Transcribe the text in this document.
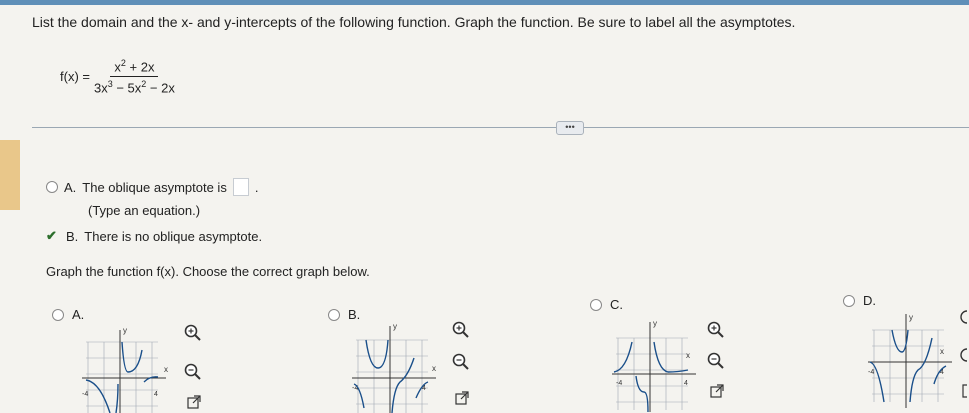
List the domain and the x- and y-intercepts of the following function. Graph the function. Be sure to label all the asymptotes.
$f(x) = \frac{x^2 + 2x}{3x^3 - 5x^2 - 2x}$
•••
A. The oblique asymptote is .
(Type an equation.)
✔ B. There is no oblique asymptote.
Graph the function f(x). Choose the correct graph below.
A.	B.
C.	D.
y
x
-4	4
y
x
-4	4
y
x
-4	4
y
x
-4	4
